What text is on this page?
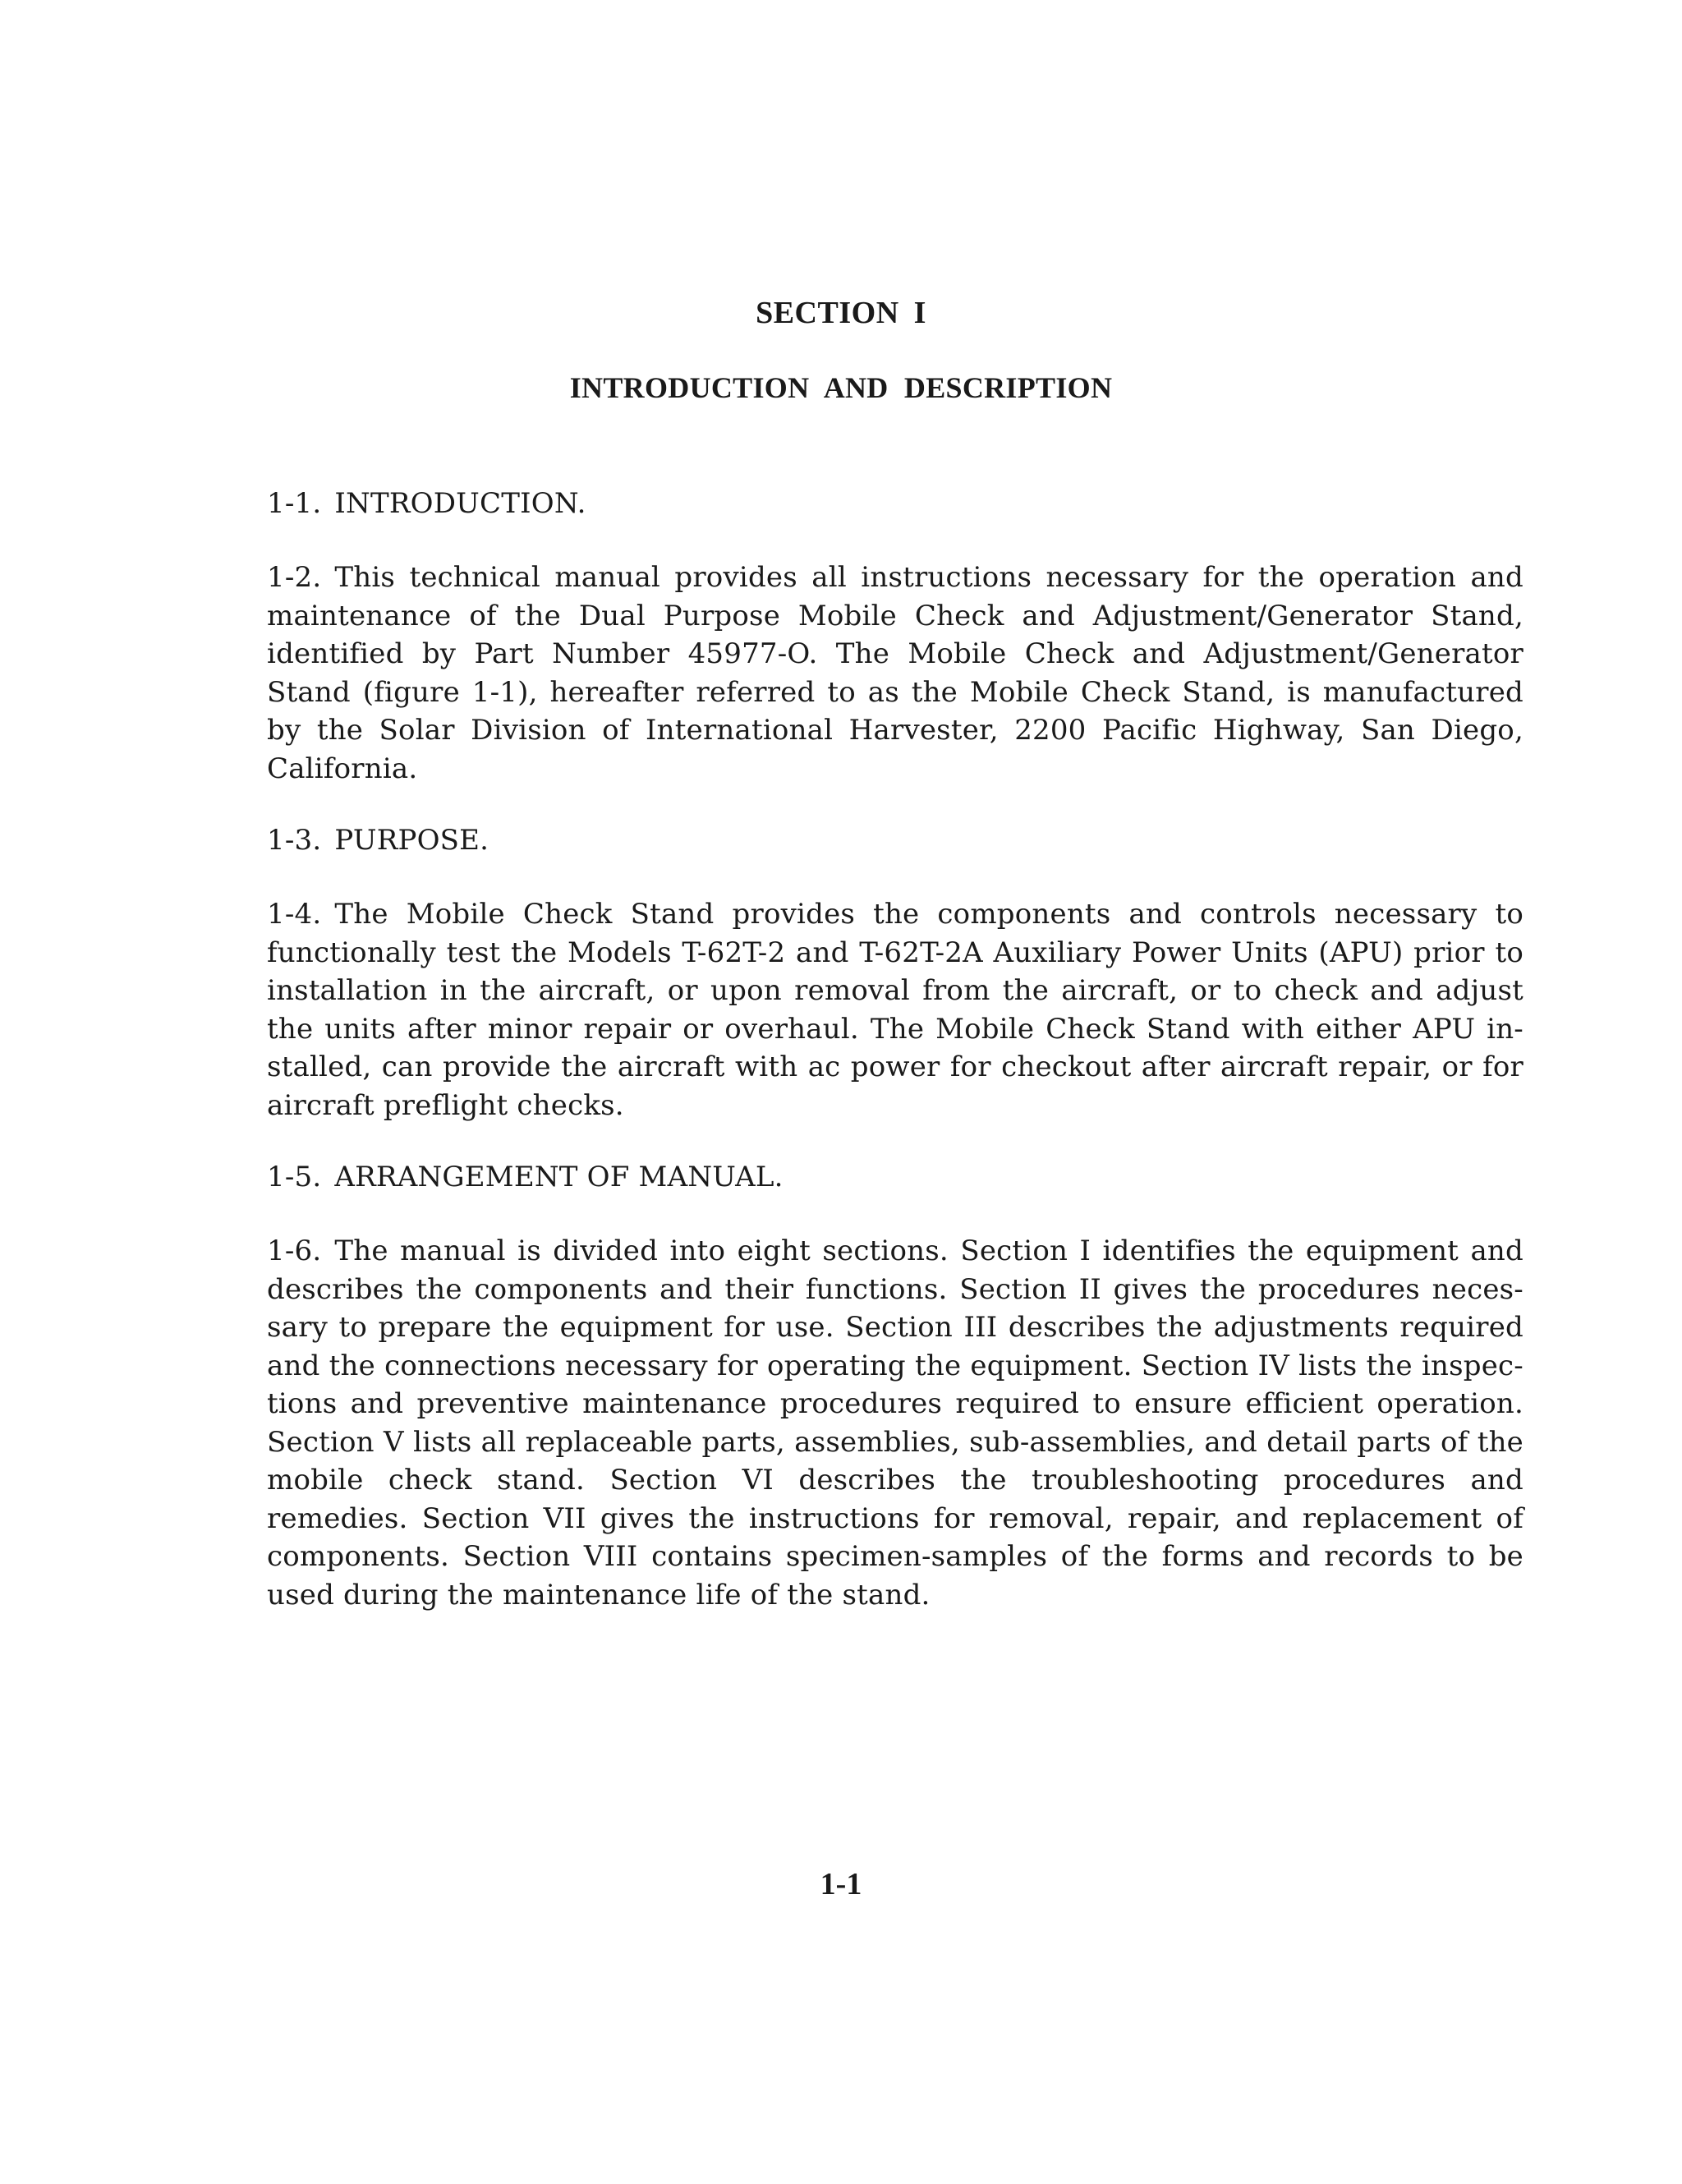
SECTION I
INTRODUCTION AND DESCRIPTION
1-1. INTRODUCTION.
1-2. This technical manual provides all instructions necessary for the operation and maintenance of the Dual Purpose Mobile Check and Adjustment/Generator Stand, identified by Part Number 45977-O. The Mobile Check and Adjustment/Generator Stand (figure 1-1), hereafter referred to as the Mobile Check Stand, is manufactured by the Solar Division of International Harvester, 2200 Pacific Highway, San Diego, California.
1-3. PURPOSE.
1-4. The Mobile Check Stand provides the components and controls necessary to functionally test the Models T-62T-2 and T-62T-2A Auxiliary Power Units (APU) prior to installation in the aircraft, or upon removal from the aircraft, or to check and adjust the units after minor repair or overhaul. The Mobile Check Stand with either APU in-stalled, can provide the aircraft with ac power for checkout after aircraft repair, or for aircraft preflight checks.
1-5. ARRANGEMENT OF MANUAL.
1-6. The manual is divided into eight sections. Section I identifies the equipment and describes the components and their functions. Section II gives the procedures neces-sary to prepare the equipment for use. Section III describes the adjustments required and the connections necessary for operating the equipment. Section IV lists the inspec-tions and preventive maintenance procedures required to ensure efficient operation. Section V lists all replaceable parts, assemblies, sub-assemblies, and detail parts of the mobile check stand. Section VI describes the troubleshooting procedures and remedies. Section VII gives the instructions for removal, repair, and replacement of components. Section VIII contains specimen-samples of the forms and records to be used during the maintenance life of the stand.
1-1
